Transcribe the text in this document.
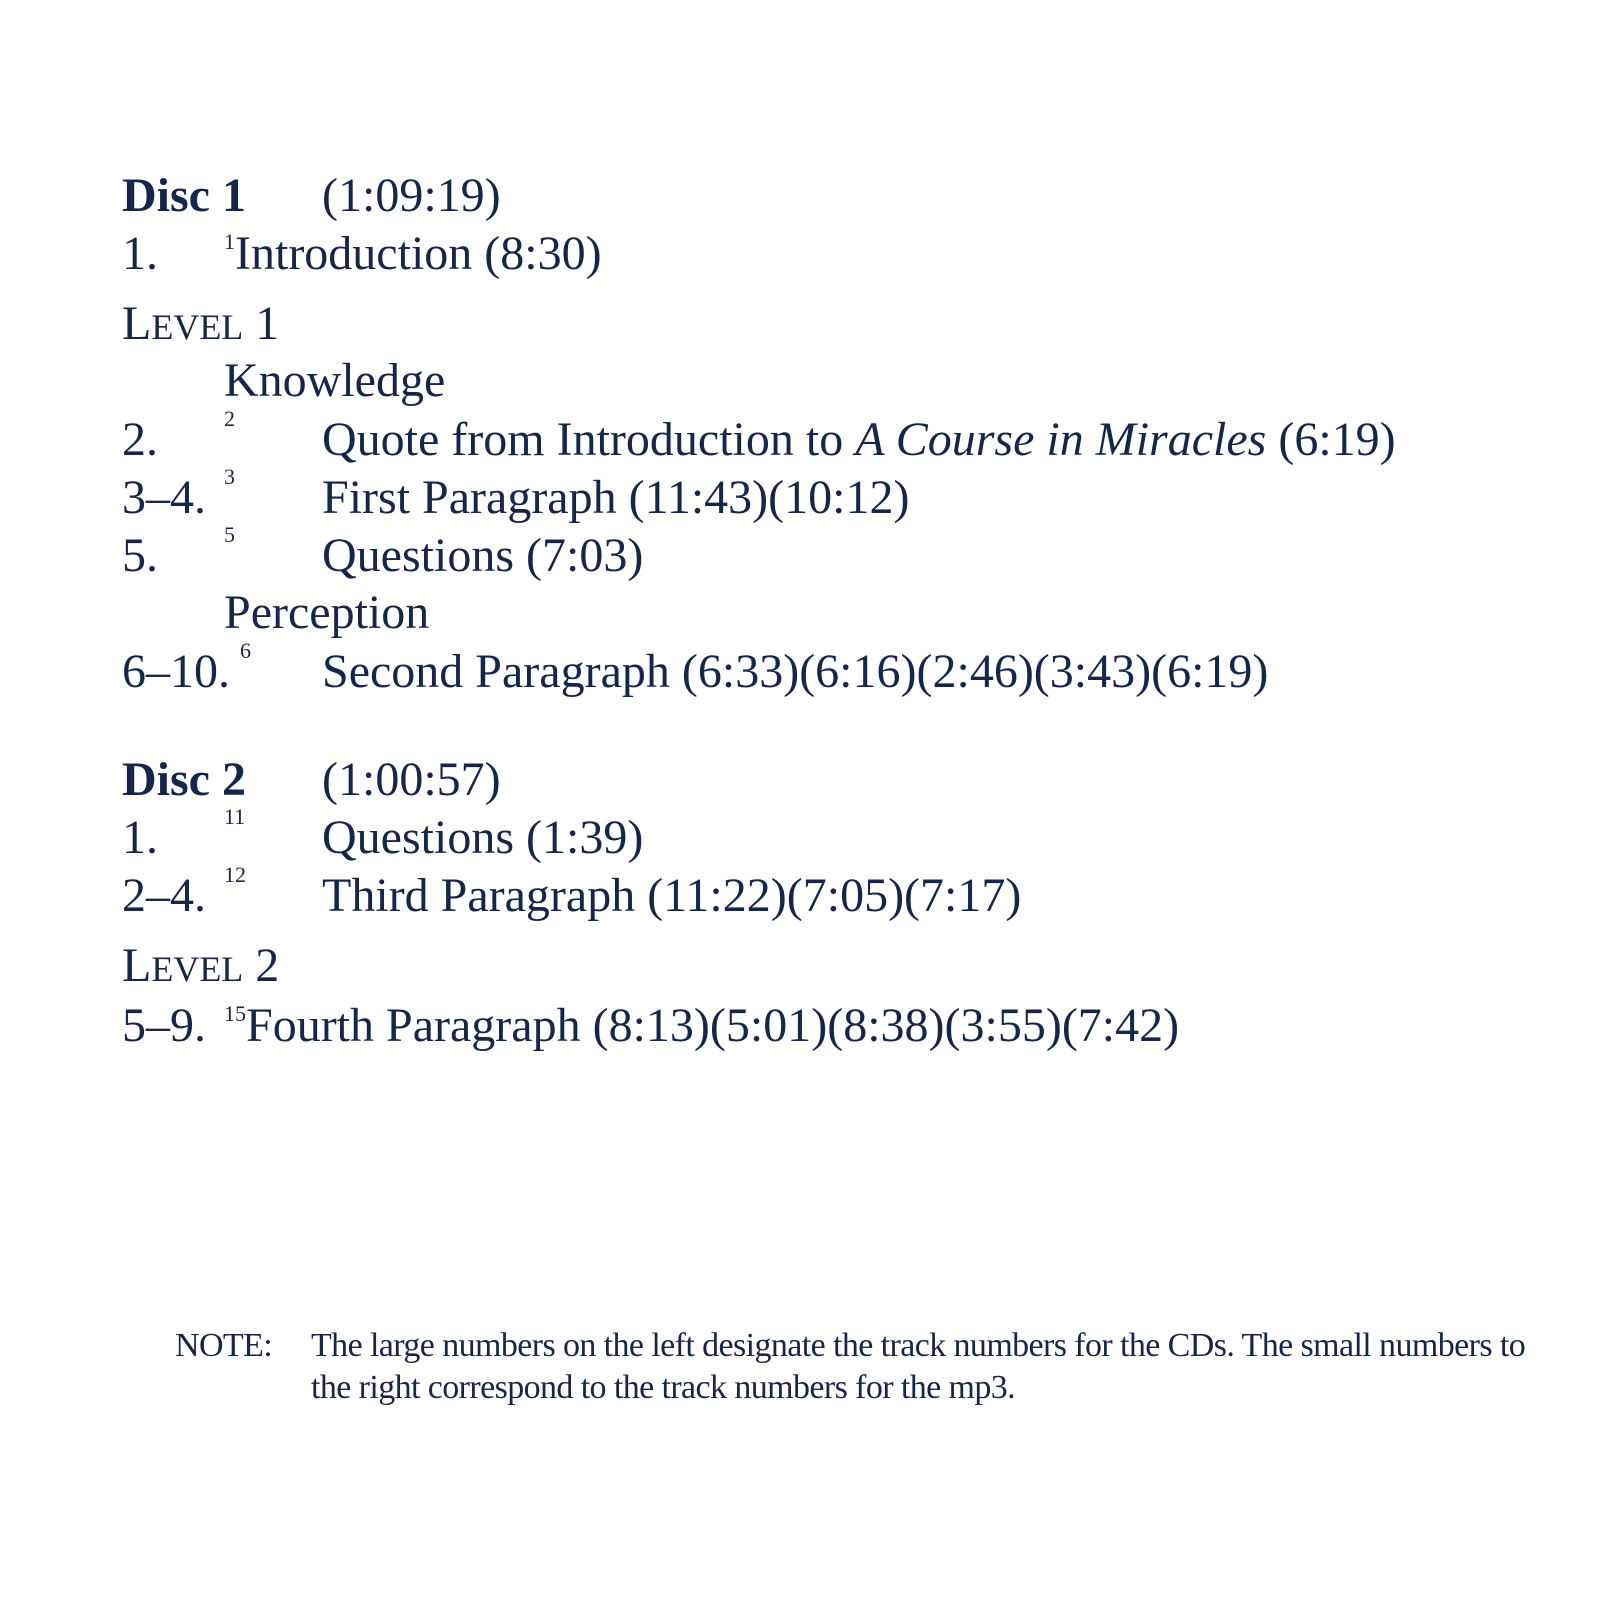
Disc 1 (1:09:19)
1.	$^1$Introduction (8:30)
LEVEL 1
Knowledge
2.	2 Quote from Introduction to A Course in Miracles (6:19)
3–4. 3 First Paragraph (11:43)(10:12)
5.	5 Questions (7:03)
Perception
6–10. 6 Second Paragraph (6:33)(6:16)(2:46)(3:43)(6:19)
Disc 2 (1:00:57)
1.	11 Questions (1:39)
2–4. 12 Third Paragraph (11:22)(7:05)(7:17)
LEVEL 2
5–9. $^{15}$Fourth Paragraph (8:13)(5:01)(8:38)(3:55)(7:42)
NOTE: The large numbers on the left designate the track numbers for the CDs. The small numbers to the right correspond to the track numbers for the mp3.
